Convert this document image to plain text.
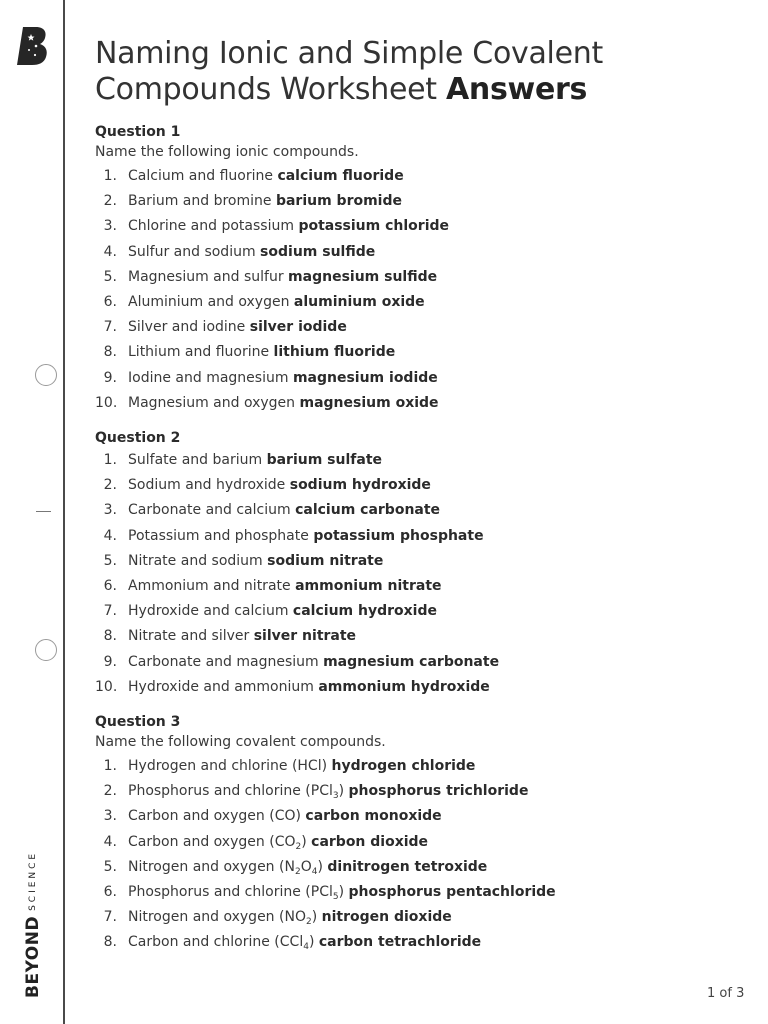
BEYONDSCIENCE
Naming Ionic and Simple Covalent Compounds Worksheet Answers
Question 1
Name the following ionic compounds.
1. Calcium and fluorine calcium fluoride
2. Barium and bromine barium bromide
3. Chlorine and potassium potassium chloride
4. Sulfur and sodium sodium sulfide
5. Magnesium and sulfur magnesium sulfide
6. Aluminium and oxygen aluminium oxide
7. Silver and iodine silver iodide
8. Lithium and fluorine lithium fluoride
9. Iodine and magnesium magnesium iodide
10. Magnesium and oxygen magnesium oxide
Question 2
1. Sulfate and barium barium sulfate
2. Sodium and hydroxide sodium hydroxide
3. Carbonate and calcium calcium carbonate
4. Potassium and phosphate potassium phosphate
5. Nitrate and sodium sodium nitrate
6. Ammonium and nitrate ammonium nitrate
7. Hydroxide and calcium calcium hydroxide
8. Nitrate and silver silver nitrate
9. Carbonate and magnesium magnesium carbonate
10. Hydroxide and ammonium ammonium hydroxide
Question 3
Name the following covalent compounds.
1. Hydrogen and chlorine (HCl) hydrogen chloride
2. Phosphorus and chlorine (PCl$_3$) phosphorus trichloride
3. Carbon and oxygen (CO) carbon monoxide
4. Carbon and oxygen $(CO_2)$ carbon dioxide
5. Nitrogen and oxygen $(N_2O_4)$ dinitrogen tetroxide
6. Phosphorus and chlorine (PCl$_5$) phosphorus pentachloride
7. Nitrogen and oxygen $(NO_2)$ nitrogen dioxide
8. Carbon and chlorine (CCl$_4$) carbon tetrachloride
1 of 3
